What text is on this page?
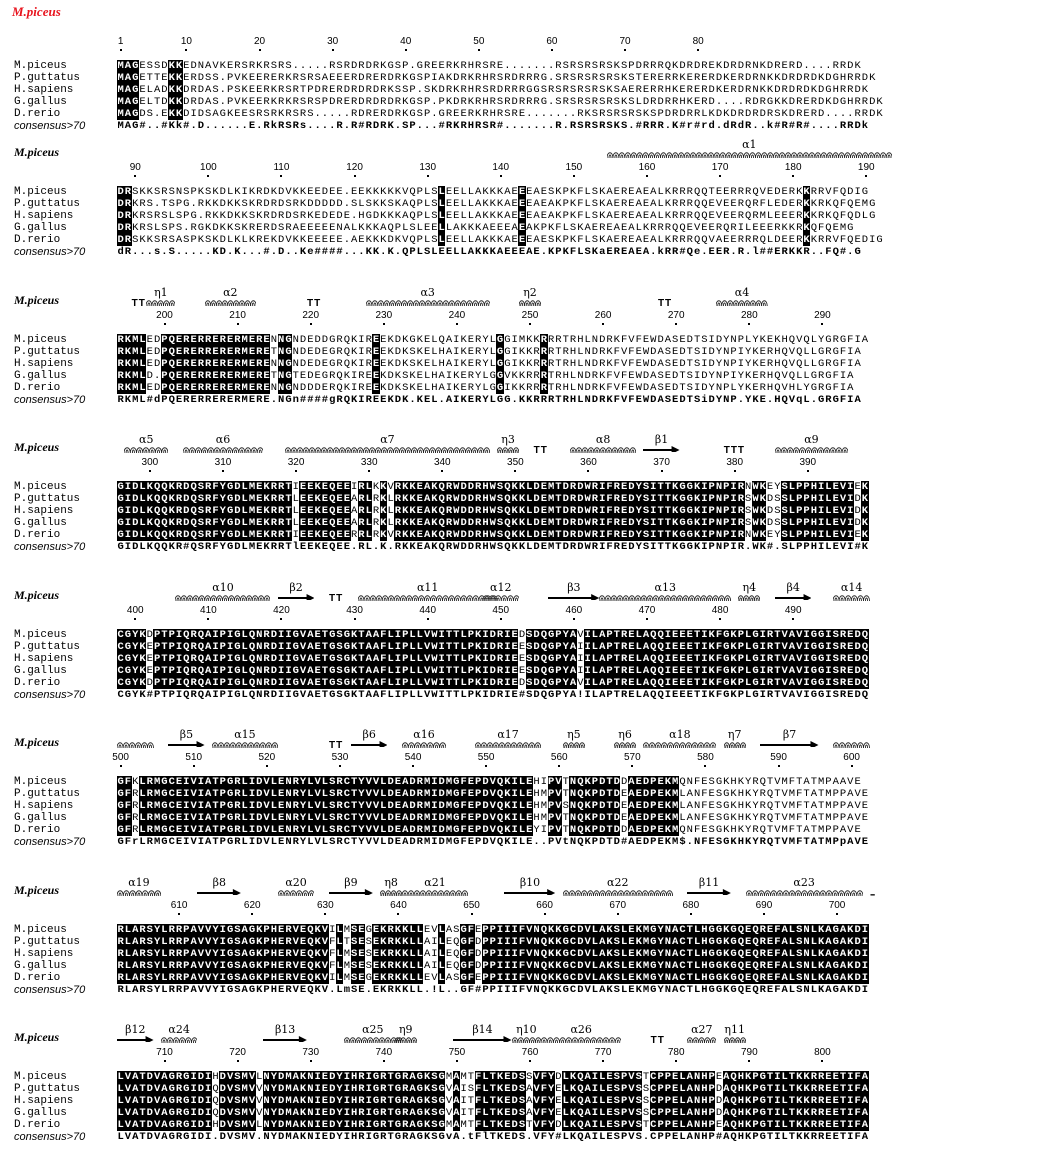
M.piceus
1	10	20	30	40	50	60	70	80
M.piceus	MAGESSDKKEDNAVKERSRKRSRS.....RSRDRDRKGSP.GREERKRHRSRE.......RSRSRSRSKSPDRRRQKDRDREKDRDRNKDRERD....RRDK
P.guttatus	MAGETTEKKERDSS.PVKEERERKRSRSAEEERDRERDRKGSPIAKDRKRHRSRDRRRG.SRSRSRSRSKSTERERRKERERDKERDRNKKDRDRDKDGHRRDK
H.sapiens	MAGELADKKDRDAS.PSKEERKRSRTPDRERDRDRDRKSSP.SKDRKRHRSRDRRRGGSRSRSRSRSKSAERERRHKERERDKERDRNKKDRDRDKDGHRRDK
G.gallus	MAGELTDKKDRDAS.PVKEERKRKRSRSPDRERDRDRDRKGSP.PKDRKRHRSRDRRRG.SRSRSRSRSKSLDRDRRHKERD....RDRGKKDRERDKDGHRRDK
D.rerio	MAGDS.EKKDIDSAGKEESRSRKRSRS.....RDRERDRKGSP.GREERKRHRSRE.......RKSRSRSRSKSPDRDRRLKDKDRDRDRSKDRERD....RRDK
consensus>70	MAG#..#Kk#.D......E.RkRSRs....R.R#RDRK.SP...#RKRHRSR#.......R.RSRSRSKS.#RRR.K#r#rd.dRdR..k#R#R#....RRDk
M.piceus
α1
90	100	110	120	130	140	150	160	170	180	190
M.piceus	DRSKKSRSNSPKSKDLKIKRDKDVKKEEDEE.EEKKKKKVQPLSLEELLAKKKAEEEAESKPKFLSKAEREAEALKRRRQQTEERRRQVEDERKKRRVFQDIG
P.guttatus	DRKRS.TSPG.RKKDKKSKRDRDSRKDDDDD.SLSKKSKAQPLSLEELLAKKKAEEEAEAKPKFLSKAEREAEALKRRRQQEVEERQRFLEDERKKRKQFQEMG
H.sapiens	DRKRSRSLSPG.RKKDKKSKRDRDSRKEDEDE.HGDKKKAQPLSLEELLAKKKAEEEAEAKPKFLSKAEREAEALKRRRQQEVEERQRMLEEERKKRKQFQDLG
G.gallus	DRKRSLSPS.RGKDKKSKRERDSRAEEEEENALKKKAQPLSLEELLAKKKAEEEAEAKPKFLSKAEREAEALKRRRQQEVEERQRILEEERKKRKQFQEMG
D.rerio	DRSKKSRSASPKSKDLKLKREKDVKKEEEEE.AEKKKDKVQPLSLEELLAKKKAEEEAESKPKFLSKAEREAEALKRRRQQVAEERRRQLDEERKKRRVFQEDIG
consensus>70	dR...s.S.....KD.K...#.D..Ke####...KK.K.QPLSLEELLAKKKAEEEAE.KPKFLSKaEREAEA.kRR#Qe.EER.R.l##ERKKR..FQ#.G
M.piceus	TT
η1	α2
TT
α3	η2
TT
α4
200	210	220	230	240	250	260	270	280	290
M.piceus	RKMLEDPQERERRERERMERENNGNDEDDGRQKIREEKDKGKELQAIKERYLGGIMKKRRRTRHLNDRKFVFEWDASEDTSIDYNPLYKEKHQVQLYGRGFIA
P.guttatus	RKMLEDPQERERRERERMERETNGNDEDEGRQKIREEKDKSKELHAIKERYLGGIKKRRRTRHLNDRKFVFEWDASEDTSIDYNPIYKERHQVQLLGRGFIA
H.sapiens	RKMLEDPQERERRERERMERENNGNDEDEGRQKIREEKDKSKELHAIKERYLGGIKKRRRTRHLNDRKFVFEWDASEDTSIDYNPIYKERHQVQLLGRGFIA
G.gallus	RKMLD.PQERERRERERMERETNGTEDEGRQKIREEKDKSKELHAIKERYLGGVKKRRRTRHLNDRKFVFEWDASEDTSIDYNPIYKERHQVQLLGRGFIA
D.rerio	RKMLEDPQERERRERERMERENNGNDDDERQKIREEKDKSKELHAIKERYLGGIKKRRRTRHLNDRKFVFEWDASEDTSIDYNPLYKERHQVHLYGRGFIA
consensus>70	RKML#dPQERERRERERMERE.NGn####gRQKIREEKDK.KEL.AIKERYLGG.KKRRRTRHLNDRKFVFEWDASEDTSiDYNP.YKE.HQVqL.GRGFIA
M.piceus
α5	α6	α7	η3
TT
α8	β1
TTT
α9
300	310	320	330	340	350	360	370	380	390
M.piceus	GIDLKQQKRDQSRFYGDLMEKRRTIEEKEQEEIRLKKVRKKEAKQRWDDRHWSQKKLDEMTDRDWRIFREDYSITTKGGKIPNPIRNWKEYSLPPHILEVIEK
P.guttatus	GIDLKQQKRDQSRFYGDLMEKRRTLEEKEQEEARLRKLRKKEAKQRWDDRHWSQKKLDEMTDRDWRIFREDYSITTKGGKIPNPIRSWKDSSLPPHILEVIDK
H.sapiens	GIDLKQQKRDQSRFYGDLMEKRRTLEEKEQEEARLRKLRKKEAKQRWDDRHWSQKKLDEMTDRDWRIFREDYSITTKGGKIPNPIRSWKDSSLPPHILEVIDK
G.gallus	GIDLKQQKRDQSRFYGDLMEKRRTLEEKEQEEARLRKLRKKEAKQRWDDRHWSQKKLDEMTDRDWRIFREDYSITTKGGKIPNPIRSWKDSSLPPHILEVIDK
D.rerio	GIDLKQQKRDQSRFYGDLMEKRRTIEEKEQEERRLRKVRKKEAKQRWDDRHWSQKKLDEMTDRDWRIFREDYSITTKGGKIPNPIRNWKEYSLPPHILEVIEK
consensus>70	GIDLKQQKR#QSRFYGDLMEKRRTlEEKEQEE.RL.K.RKKEAKQRWDDRHWSQKKLDEMTDRDWRIFREDYSITTKGGKIPNPIR.WK#.SLPPHILEVI#K
M.piceus
α10	β2
TT
α11	α12	β3	α13	η4	β4	α14
400	410	420	430	440	450	460	470	480	490
M.piceus	CGYKDPTPIQRQAIPIGLQNRDIIGVAETGSGKTAAFLIPLLVWITTLPKIDRIEDSDQGPYAVILAPTRELAQQIEEETIKFGKPLGIRTVAVIGGISREDQ
P.guttatus	CGYKEPTPIQRQAIPIGLQNRDIIGVAETGSGKTAAFLIPLLVWITTLPKIDRIEESDQGPYAIILAPTRELAQQIEEETIKFGKPLGIRTVAVIGGISREDQ
H.sapiens	CGYKEPTPIQRQAIPIGLQNRDIIGVAETGSGKTAAFLIPLLVWITTLPKIDRIEESDQGPYAIILAPTRELAQQIEEETIKFGKPLGIRTVAVIGGISREDQ
G.gallus	CGYKEPTPIQRQAIPIGLQNRDIIGVAETGSGKTAAFLIPLLVWITTLPKIDRIEESDQGPYAIILAPTRELAQQIEEETIKFGKPLGIRTVAVIGGISREDQ
D.rerio	CGYKDPTPIQRQAIPIGLQNRDIIGVAETGSGKTAAFLIPLLVWITTLPKIDRIEDSDQGPYAVILAPTRELAQQIEEETIKFGKPLGIRTVAVIGGISREDQ
consensus>70	CGYK#PTPIQRQAIPIGLQNRDIIGVAETGSGKTAAFLIPLLVWITTLPKIDRIE#SDQGPYA!ILAPTRELAQQIEEETIKFGKPLGIRTVAVIGGISREDQ
M.piceus
β5	α15
TT
β6	α16	α17	η5	η6	α18	η7	β7
500	510	520	530	540	550	560	570	580	590	600
M.piceus	GFKLRMGCEIVIATPGRLIDVLENRYLVLSRCTYVVLDEADRMIDMGFEPDVQKILEHIPVTNQKPDTDDAEDPEKMQNFESGKHKYRQTVMFTATMPAAVE
P.guttatus	GFRLRMGCEIVIATPGRLIDVLENRYLVLSRCTYVVLDEADRMIDMGFEPDVQKILEHMPVTNQKPDTDEAEDPEKMLANFESGKHKYRQTVMFTATMPPAVE
H.sapiens	GFRLRMGCEIVIATPGRLIDVLENRYLVLSRCTYVVLDEADRMIDMGFEPDVQKILEHMPVSNQKPDTDEAEDPEKMLANFESGKHKYRQTVMFTATMPPAVE
G.gallus	GFRLRMGCEIVIATPGRLIDVLENRYLVLSRCTYVVLDEADRMIDMGFEPDVQKILEHMPVTNQKPDTDEAEDPEKMLANFESGKHKYRQTVMFTATMPPAVE
D.rerio	GFRLRMGCEIVIATPGRLIDVLENRYLVLSRCTYVVLDEADRMIDMGFEPDVQKILEYIPVTNQKPDTDDAEDPEKMQNFESGKHKYRQTVMFTATMPPAVE
consensus>70	GFrLRMGCEIVIATPGRLIDVLENRYLVLSRCTYVVLDEADRMIDMGFEPDVQKILE..PVtNQKPDTD#AEDPEKM$.NFESGKHKYRQTVMFTATMPpAVE
M.piceus
α19	β8	α20	β9 η8 α21	β10	α22	β11	α23
–
610	620	630	640	650	660	670	680	690	700
M.piceus	RLARSYLRRPAVVYIGSAGKPHERVEQKVILMSEGEKRKKLLEVLASGFEPPIIIFVNQKKGCDVLAKSLEKMGYNACTLHGGKGQEQREFALSNLKAGAKDI
P.guttatus	RLARSYLRRPAVVYIGSAGKPHERVEQKVFLTSESEKRKKLLAILEQGFDPPIIIFVNQKKGCDVLAKSLEKMGYNACTLHGGKGQEQREFALSNLKAGAKDI
H.sapiens	RLARSYLRRPAVVYIGSAGKPHERVEQKVFLMSESEKRKKLLAILEQGFDPPIIIFVNQKKGCDVLAKSLEKMGYNACTLHGGKGQEQREFALSNLKAGAKDI
G.gallus	RLARSYLRRPAVVYIGSAGKPHERVEQKVFLMSESEKRKKLLAILEQGFDPPIIIFVNQKKGCDVLAKSLEKMGYNACTLHGGKGQEQREFALSNLKAGAKDI
D.rerio	RLARSYLRRPAVVYIGSAGKPHERVEQKVILMSEGEKRKKLLEVLASGFEPPIIIFVNQKKGCDVLAKSLEKMGYNACTLHGGKGQEQREFALSNLKAGAKDI
consensus>70	RLARSYLRRPAVVYIGSAGKPHERVEQKV.LmSE.EKRKKLL.!L..GF#PPIIIFVNQKKGCDVLAKSLEKMGYNACTLHGGKGQEQREFALSNLKAGAKDI
M.piceus
β12 α24	β13	α25 η9	β14 η10	α26
TT
α27 η11
710	720	730	740	750	760	770	780	790	800
M.piceus	LVATDVAGRGIDIHDVSMVLNYDMAKNIEDYIHRIGRTGRAGKSGMAMTFLTKEDSSVFYDLKQAILESPVSTCPPELANHPEAQHKPGTILTKKRREETIFA
P.guttatus	LVATDVAGRGIDIQDVSMVVNYDMAKNIEDYIHRIGRTGRAGKSGVAISFLTKEDSAVFYELKQAILESPVSSCPPELANHPDAQHKPGTILTKKRREETIFA
H.sapiens	LVATDVAGRGIDIQDVSMVVNYDMAKNIEDYIHRIGRTGRAGKSGVAITFLTKEDSAVFYELKQAILESPVSSCPPELANHPDAQHKPGTILTKKRREETIFA
G.gallus	LVATDVAGRGIDIQDVSMVVNYDMAKNIEDYIHRIGRTGRAGKSGVAITFLTKEDSAVFYELKQAILESPVSSCPPELANHPDAQHKPGTILTKKRREETIFA
D.rerio	LVATDVAGRGIDIHDVSMVLNYDMAKNIEDYIHRIGRTGRAGKSGMAMTFLTKEDSTVFYDLKQAILESPVSTCPPELANHPEAQHKPGTILTKKRREETIFA
consensus>70	LVATDVAGRGIDI.DVSMV.NYDMAKNIEDYIHRIGRTGRAGKSGvA.tFlTKEDS.VFY#LKQAILESPVS.CPPELANHP#AQHKPGTILTKKRREETIFA
